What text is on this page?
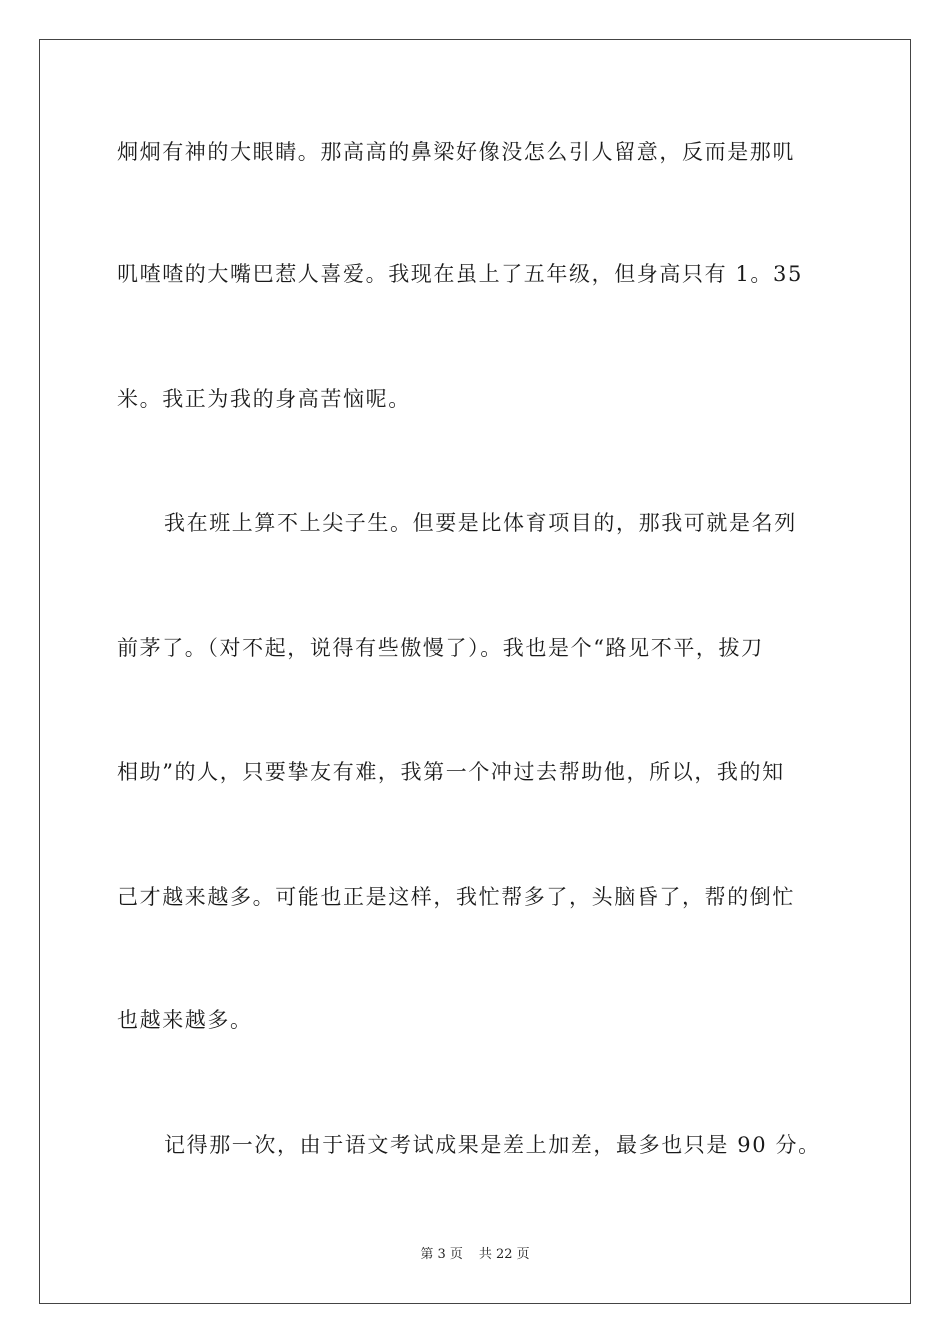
炯炯有神的大眼睛。那高高的鼻梁好像没怎么引人留意，反而是那叽
叽喳喳的大嘴巴惹人喜爱。我现在虽上了五年级，但身高只有 1。35
米。我正为我的身高苦恼呢。
我在班上算不上尖子生。但要是比体育项目的，那我可就是名列
前茅了。（对不起，说得有些傲慢了）。我也是个“路见不平，拔刀
相助”的人，只要挚友有难，我第一个冲过去帮助他，所以，我的知
己才越来越多。可能也正是这样，我忙帮多了，头脑昏了，帮的倒忙
也越来越多。
记得那一次，由于语文考试成果是差上加差，最多也只是 90 分。
第 3 页 共 22 页
